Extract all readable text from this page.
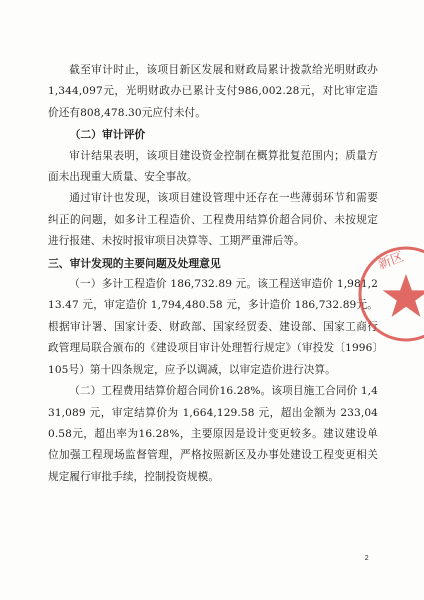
截至审计时止，该项目新区发展和财政局累计拨款给光明财政办1,344,097元，光明财政办已累计支付986,002.28元，对比审定造价还有808,478.30元应付未付。

（二）审计评价

审计结果表明，该项目建设资金控制在概算批复范围内；质量方面未出现重大质量、安全事故。

通过审计也发现，该项目建设管理中还存在一些薄弱环节和需要纠正的问题，如多计工程造价、工程费用结算价超合同价、未按规定进行报建、未按时报审项目决算等、工期严重滞后等。

三、审计发现的主要问题及处理意见

（一）多计工程造价 186,732.89 元。该工程送审造价 1,981,213.47 元，审定造价 1,794,480.58 元，多计造价 186,732.89元。根据审计署、国家计委、财政部、国家经贸委、建设部、国家工商行政管理局联合颁布的《建设项目审计处理暂行规定》（审投发〔1996〕105号）第十四条规定，应予以调减，以审定造价进行决算。

（二）工程费用结算价超合同价16.28%。该项目施工合同价 1,431,089 元，审定结算价为 1,664,129.58 元，超出金额为 233,040.58元，超出率为16.28%，主要原因是设计变更较多。建议建设单位加强工程现场监督管理，严格按照新区及办事处建设工程变更相关规定履行审批手续，控制投资规模。

新区
2
